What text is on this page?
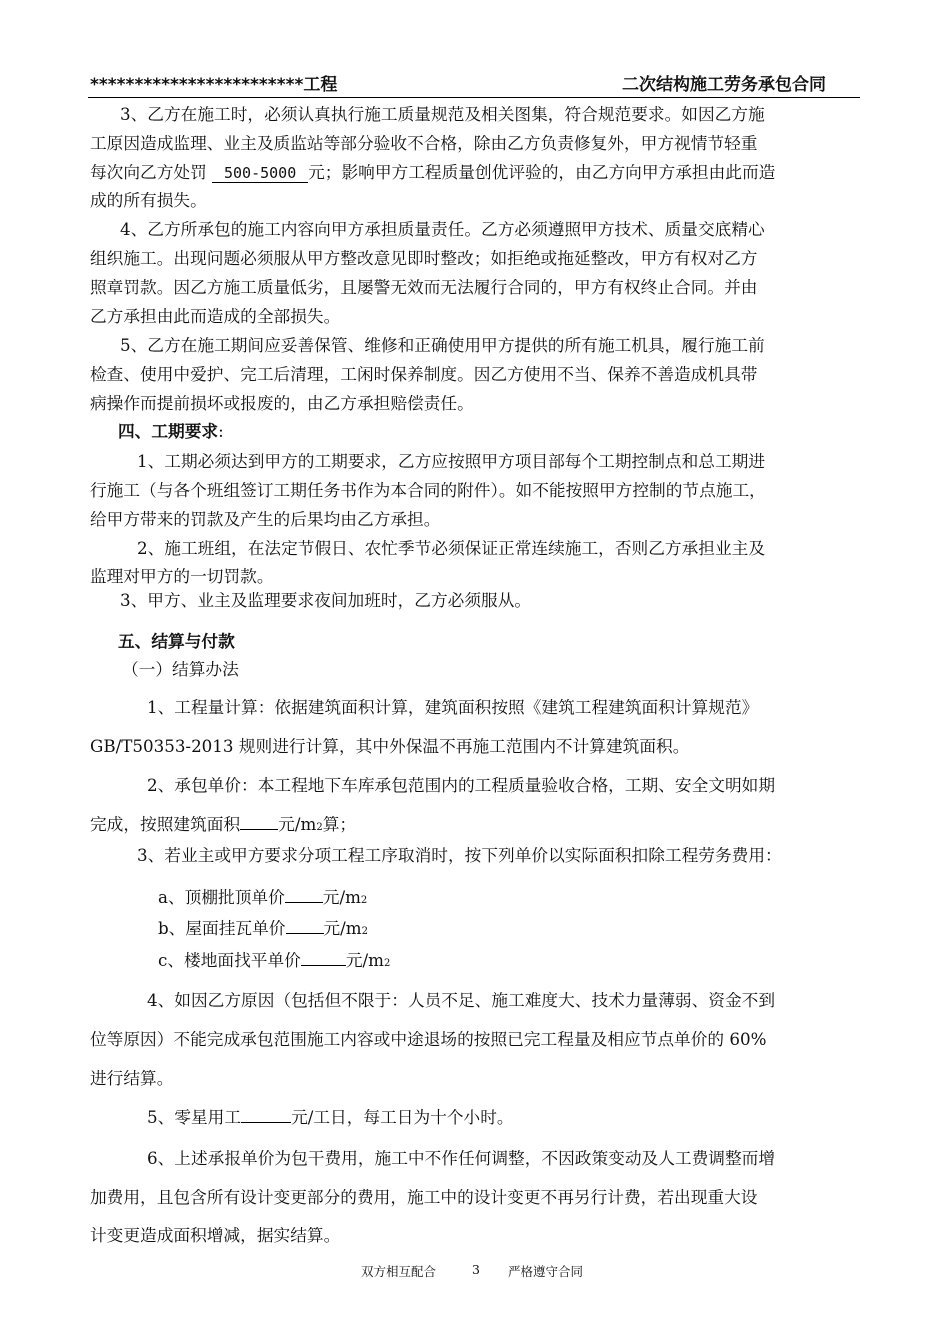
************************工程	二次结构施工劳务承包合同
3、乙方在施工时，必须认真执行施工质量规范及相关图集，符合规范要求。如因乙方施
工原因造成监理、业主及质监站等部分验收不合格，除由乙方负责修复外，甲方视情节轻重
每次向乙方处罚 500-5000 元；影响甲方工程质量创优评验的，由乙方向甲方承担由此而造
成的所有损失。
4、乙方所承包的施工内容向甲方承担质量责任。乙方必须遵照甲方技术、质量交底精心
组织施工。出现问题必须服从甲方整改意见即时整改；如拒绝或拖延整改，甲方有权对乙方
照章罚款。因乙方施工质量低劣，且屡警无效而无法履行合同的，甲方有权终止合同。并由
乙方承担由此而造成的全部损失。
5、乙方在施工期间应妥善保管、维修和正确使用甲方提供的所有施工机具，履行施工前
检查、使用中爱护、完工后清理，工闲时保养制度。因乙方使用不当、保养不善造成机具带
病操作而提前损坏或报废的，由乙方承担赔偿责任。
四、工期要求:
1、工期必须达到甲方的工期要求，乙方应按照甲方项目部每个工期控制点和总工期进
行施工（与各个班组签订工期任务书作为本合同的附件）。如不能按照甲方控制的节点施工，
给甲方带来的罚款及产生的后果均由乙方承担。
2、施工班组，在法定节假日、农忙季节必须保证正常连续施工，否则乙方承担业主及
监理对甲方的一切罚款。
3、甲方、业主及监理要求夜间加班时，乙方必须服从。
五、结算与付款
（一）结算办法
1、工程量计算：依据建筑面积计算，建筑面积按照《建筑工程建筑面积计算规范》
GB/T50353-2013 规则进行计算，其中外保温不再施工范围内不计算建筑面积。
2、承包单价：本工程地下车库承包范围内的工程质量验收合格，工期、安全文明如期
完成，按照建筑面积 元/m2算；
3、若业主或甲方要求分项工程工序取消时，按下列单价以实际面积扣除工程劳务费用：
a、顶棚批顶单价 元/m2
b、屋面挂瓦单价 元/m2
c、楼地面找平单价	元/m2
4、如因乙方原因（包括但不限于：人员不足、施工难度大、技术力量薄弱、资金不到
位等原因）不能完成承包范围施工内容或中途退场的按照已完工程量及相应节点单价的 60%
进行结算。
5、零星用工	元/工日，每工日为十个小时。
6、上述承报单价为包干费用，施工中不作任何调整，不因政策变动及人工费调整而增
加费用，且包含所有设计变更部分的费用，施工中的设计变更不再另行计费，若出现重大设
计变更造成面积增减，据实结算。
双方相互配合	3 严格遵守合同
